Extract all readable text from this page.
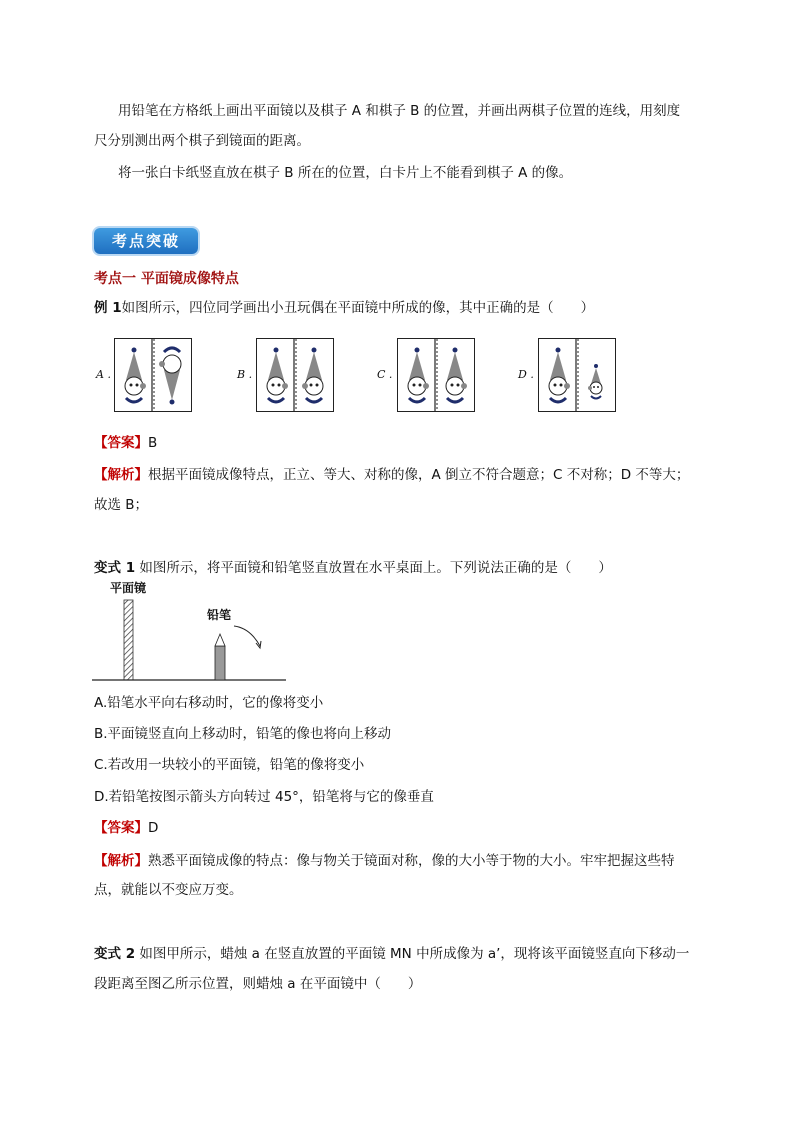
用铅笔在方格纸上画出平面镜以及棋子 A 和棋子 B 的位置，并画出两棋子位置的连线，用刻度

尺分别测出两个棋子到镜面的距离。

将一张白卡纸竖直放在棋子 B 所在的位置，白卡片上不能看到棋子 A 的像。

考点突破
考点一 平面镜成像特点

例 1如图所示，四位同学画出小丑玩偶在平面镜中所成的像，其中正确的是（　　）

A .	B .	C .	D .

【答案】B

【解析】根据平面镜成像特点，正立、等大、对称的像，A 倒立不符合题意；C 不对称；D 不等大；

故选 B；

变式 1 如图所示，将平面镜和铅笔竖直放置在水平桌面上。下列说法正确的是（　　）

平面镜
铅笔

A.铅笔水平向右移动时，它的像将变小

B.平面镜竖直向上移动时，铅笔的像也将向上移动

C.若改用一块较小的平面镜，铅笔的像将变小

D.若铅笔按图示箭头方向转过 45°，铅笔将与它的像垂直

【答案】D

【解析】熟悉平面镜成像的特点：像与物关于镜面对称，像的大小等于物的大小。牢牢把握这些特

点，就能以不变应万变。

变式 2 如图甲所示，蜡烛 a 在竖直放置的平面镜 MN 中所成像为 a’，现将该平面镜竖直向下移动一

段距离至图乙所示位置，则蜡烛 a 在平面镜中（　　）
